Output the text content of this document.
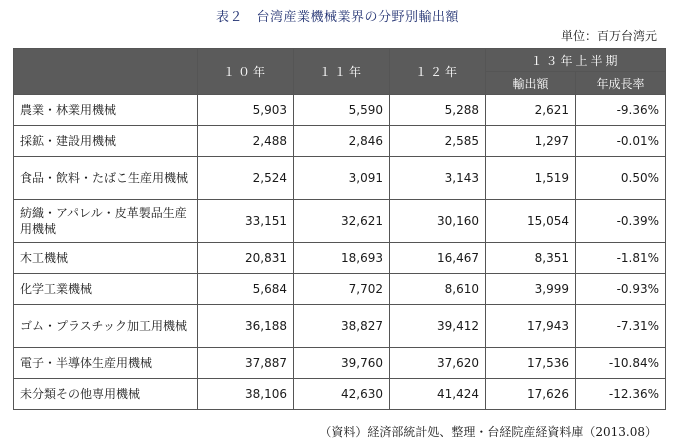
表２　台湾産業機械業界の分野別輸出額
単位：百万台湾元
	１０年	１１年	１２年	１３年上半期	
				輸出額	年成長率
農業・林業用機械	5,903	5,590	5,288	2,621	-9.36%
採鉱・建設用機械	2,488	2,846	2,585	1,297	-0.01%
食品・飲料・たばこ生産用機械	2,524	3,091	3,143	1,519	0.50%
紡織・アパレル・皮革製品生産用機械	33,151	32,621	30,160	15,054	-0.39%
木工機械	20,831	18,693	16,467	8,351	-1.81%
化学工業機械	5,684	7,702	8,610	3,999	-0.93%
ゴム・プラスチック加工用機械	36,188	38,827	39,412	17,943	-7.31%
電子・半導体生産用機械	37,887	39,760	37,620	17,536	-10.84%
未分類その他専用機械	38,106	42,630	41,424	17,626	-12.36%
（資料）経済部統計処、整理・台経院産経資料庫（2013.08）
